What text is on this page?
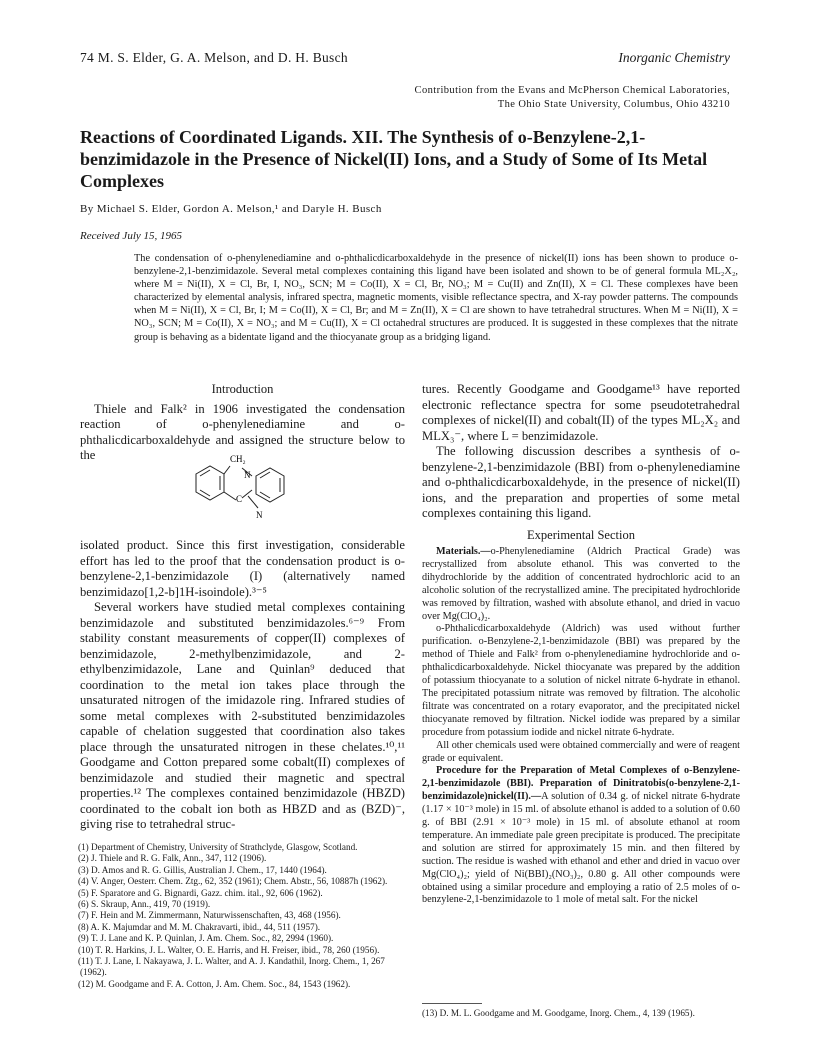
74 M. S. Elder, G. A. Melson, and D. H. Busch	Inorganic Chemistry
Contribution from the Evans and McPherson Chemical Laboratories,
The Ohio State University, Columbus, Ohio 43210
Reactions of Coordinated Ligands. XII. The Synthesis of o-Benzylene-2,1-benzimidazole in the Presence of Nickel(II) Ions, and a Study of Some of Its Metal Complexes
By Michael S. Elder, Gordon A. Melson,¹ and Daryle H. Busch
Received July 15, 1965
The condensation of o-phenylenediamine and o-phthalicdicarboxaldehyde in the presence of nickel(II) ions has been shown to produce o-benzylene-2,1-benzimidazole. Several metal complexes containing this ligand have been isolated and shown to be of general formula ML₂X₂, where M = Ni(II), X = Cl, Br, I, NO₃, SCN; M = Co(II), X = Cl, Br, NO₃; M = Cu(II) and Zn(II), X = Cl. These complexes have been characterized by elemental analysis, infrared spectra, magnetic moments, visible reflectance spectra, and X-ray powder patterns. The compounds when M = Ni(II), X = Cl, Br, I; M = Co(II), X = Cl, Br; and M = Zn(II), X = Cl are shown to have tetrahedral structures. When M = Ni(II), X = NO₃, SCN; M = Co(II), X = NO₃; and M = Cu(II), X = Cl octahedral structures are produced. It is suggested in these complexes that the nitrate group is behaving as a bidentate ligand and the thiocyanate group as a bridging ligand.
Introduction

Thiele and Falk² in 1906 investigated the condensation reaction of o-phenylenediamine and o-phthalicdicarboxaldehyde and assigned the structure below to the	CH₂
N
C
N

isolated product. Since this first investigation, considerable effort has led to the proof that the condensation product is o-benzylene-2,1-benzimidazole (I) (alternatively named benzimidazo[1,2-b]1H-isoindole).³⁻⁵

Several workers have studied metal complexes containing benzimidazole and substituted benzimidazoles.⁶⁻⁹ From stability constant measurements of copper(II) complexes of benzimidazole, 2-methylbenzimidazole, and 2-ethylbenzimidazole, Lane and Quinlan⁹ deduced that coordination to the metal ion takes place through the unsaturated nitrogen of the imidazole ring. Infrared studies of some metal complexes with 2-substituted benzimidazoles capable of chelation suggested that coordination also takes place through the unsaturated nitrogen in these chelates.¹⁰,¹¹ Goodgame and Cotton prepared some cobalt(II) complexes of benzimidazole and studied their magnetic and spectral properties.¹² The complexes contained benzimidazole (HBZD) coordinated to the cobalt ion both as HBZD and as (BZD)⁻, giving rise to tetrahedral struc-

(1) Department of Chemistry, University of Strathclyde, Glasgow, Scotland.
(2) J. Thiele and R. G. Falk, Ann., 347, 112 (1906).
(3) D. Amos and R. G. Gillis, Australian J. Chem., 17, 1440 (1964).
(4) V. Anger, Oesterr. Chem. Ztg., 62, 352 (1961); Chem. Abstr., 56, 10887h (1962).
(5) F. Sparatore and G. Bignardi, Gazz. chim. ital., 92, 606 (1962).
(6) S. Skraup, Ann., 419, 70 (1919).
(7) F. Hein and M. Zimmermann, Naturwissenschaften, 43, 468 (1956).
(8) A. K. Majumdar and M. M. Chakravarti, ibid., 44, 511 (1957).
(9) T. J. Lane and K. P. Quinlan, J. Am. Chem. Soc., 82, 2994 (1960).
(10) T. R. Harkins, J. L. Walter, O. E. Harris, and H. Freiser, ibid., 78, 260 (1956).
(11) T. J. Lane, I. Nakayawa, J. L. Walter, and A. J. Kandathil, Inorg. Chem., 1, 267 (1962).
(12) M. Goodgame and F. A. Cotton, J. Am. Chem. Soc., 84, 1543 (1962).

tures. Recently Goodgame and Goodgame¹³ have reported electronic reflectance spectra for some pseudotetrahedral complexes of nickel(II) and cobalt(II) of the types ML₂X₂ and MLX₃⁻, where L = benzimidazole.

The following discussion describes a synthesis of o-benzylene-2,1-benzimidazole (BBI) from o-phenylenediamine and o-phthalicdicarboxaldehyde, in the presence of nickel(II) ions, and the preparation and properties of some metal complexes containing this ligand.

Experimental Section

Materials.—o-Phenylenediamine (Aldrich Practical Grade) was recrystallized from absolute ethanol. This was converted to the dihydrochloride by the addition of concentrated hydrochloric acid to an alcoholic solution of the recrystallized amine. The precipitated hydrochloride was removed by filtration, washed with absolute ethanol, and dried in vacuo over Mg(ClO₄)₂.

o-Phthalicdicarboxaldehyde (Aldrich) was used without further purification. o-Benzylene-2,1-benzimidazole (BBI) was prepared by the method of Thiele and Falk² from o-phenylenediamine hydrochloride and o-phthalicdicarboxaldehyde. Nickel thiocyanate was prepared by the addition of potassium thiocyanate to a solution of nickel nitrate 6-hydrate in ethanol. The precipitated potassium nitrate was removed by filtration. The alcoholic filtrate was concentrated on a rotary evaporator, and the precipitated nickel thiocyanate removed by filtration. Nickel iodide was prepared by a similar procedure from potassium iodide and nickel nitrate 6-hydrate.

All other chemicals used were obtained commercially and were of reagent grade or equivalent.

Procedure for the Preparation of Metal Complexes of o-Benzylene-2,1-benzimidazole (BBI). Preparation of Dinitratobis(o-benzylene-2,1-benzimidazole)nickel(II).—A solution of 0.34 g. of nickel nitrate 6-hydrate (1.17 × 10⁻³ mole) in 15 ml. of absolute ethanol is added to a solution of 0.60 g. of BBI (2.91 × 10⁻³ mole) in 15 ml. of absolute ethanol at room temperature. An immediate pale green precipitate is produced. The precipitate and solution are stirred for approximately 15 min. and then filtered by suction. The residue is washed with ethanol and ether and dried in vacuo over Mg(ClO₄)₂; yield of Ni(BBI)₂(NO₃)₂, 0.80 g. All other compounds were obtained using a similar procedure and employing a ratio of 2.5 moles of o-benzylene-2,1-benzimidazole to 1 mole of metal salt. For the nickel

(13) D. M. L. Goodgame and M. Goodgame, Inorg. Chem., 4, 139 (1965).
